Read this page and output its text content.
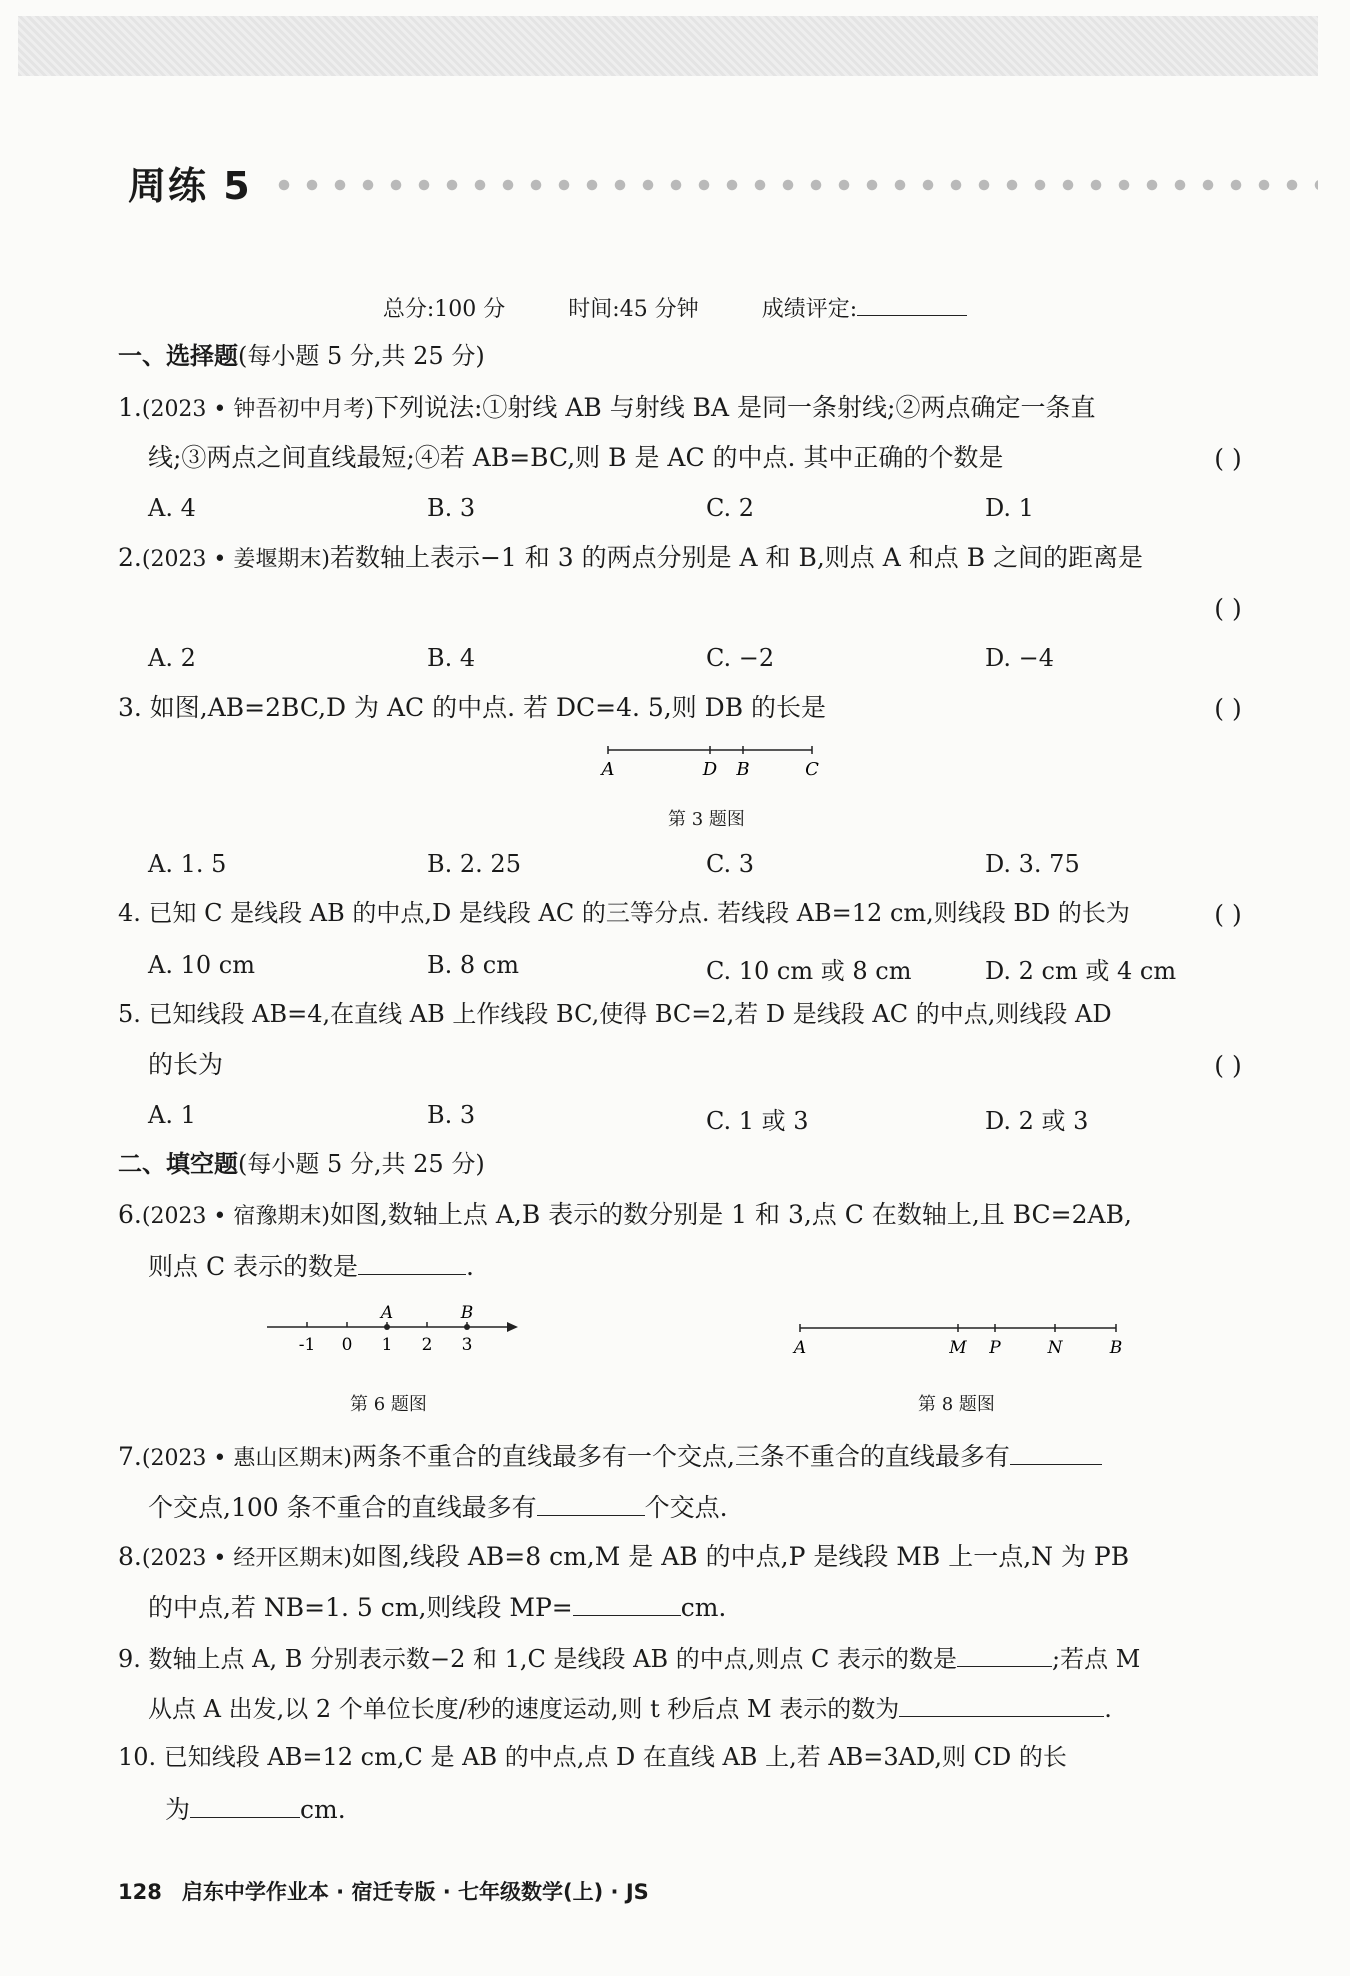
周练 5
总分:100 分	时间:45 分钟	成绩评定:
一、选择题(每小题 5 分,共 25 分)
1.(2023 • 钟吾初中月考)下列说法:①射线 AB 与射线 BA 是同一条射线;②两点确定一条直
线;③两点之间直线最短;④若 AB=BC,则 B 是 AC 的中点. 其中正确的个数是	( )
A. 4	B. 3	C. 2	D. 1
2.(2023 • 姜堰期末)若数轴上表示−1 和 3 的两点分别是 A 和 B,则点 A 和点 B 之间的距离是
( )
A. 2	B. 4	C. −2	D. −4
3. 如图,AB=2BC,D 为 AC 的中点. 若 DC=4. 5,则 DB 的长是	( )
A	D B	C
第 3 题图
A. 1. 5	B. 2. 25	C. 3	D. 3. 75
4. 已知 C 是线段 AB 的中点,D 是线段 AC 的三等分点. 若线段 AB=12 cm,则线段 BD 的长为	( )
A. 10 cm	B. 8 cm	C. 10 cm 或 8 cm	D. 2 cm 或 4 cm
5. 已知线段 AB=4,在直线 AB 上作线段 BC,使得 BC=2,若 D 是线段 AC 的中点,则线段 AD
的长为	( )
A. 1	B. 3	C. 1 或 3	D. 2 或 3
二、填空题(每小题 5 分,共 25 分)
6.(2023 • 宿豫期末)如图,数轴上点 A,B 表示的数分别是 1 和 3,点 C 在数轴上,且 BC=2AB,
则点 C 表示的数是	.
A	B
-1 0 1 2 3	A	M P	N	B
第 6 题图	第 8 题图
7.(2023 • 惠山区期末)两条不重合的直线最多有一个交点,三条不重合的直线最多有
个交点,100 条不重合的直线最多有	个交点.
8.(2023 • 经开区期末)如图,线段 AB=8 cm,M 是 AB 的中点,P 是线段 MB 上一点,N 为 PB
的中点,若 NB=1. 5 cm,则线段 MP=	cm.
9. 数轴上点 A, B 分别表示数−2 和 1,C 是线段 AB 的中点,则点 C 表示的数是	;若点 M
从点 A 出发,以 2 个单位长度/秒的速度运动,则 t 秒后点 M 表示的数为	.
10. 已知线段 AB=12 cm,C 是 AB 的中点,点 D 在直线 AB 上,若 AB=3AD,则 CD 的长
为	cm.
128 启东中学作业本 · 宿迁专版 · 七年级数学(上) · JS
